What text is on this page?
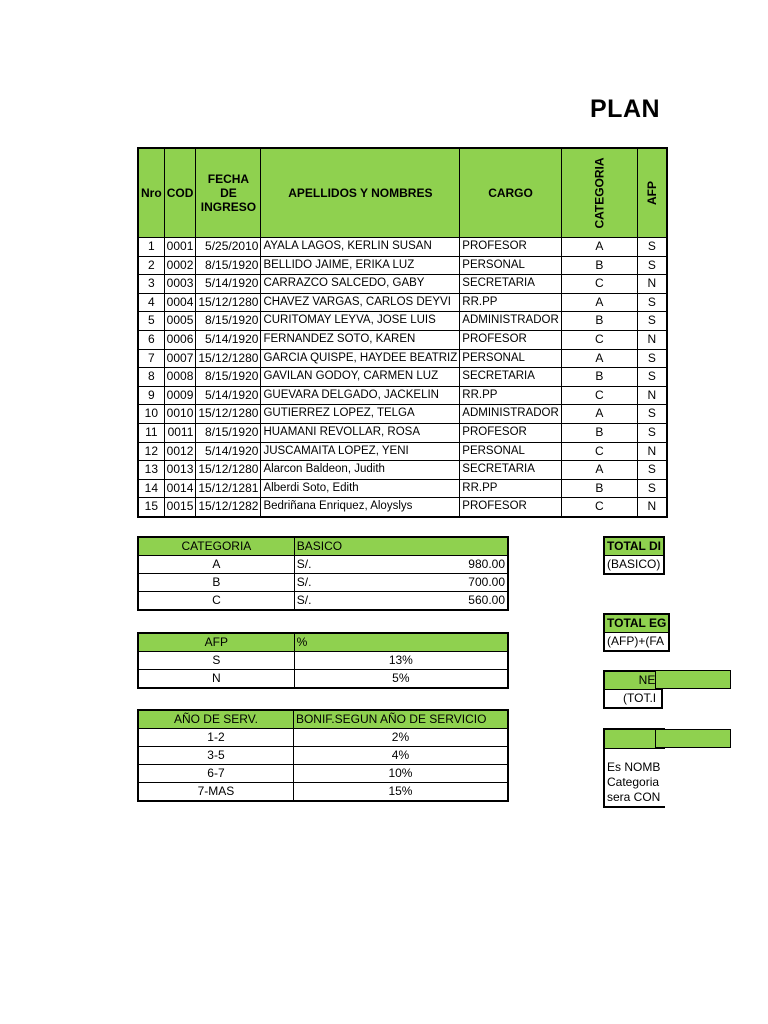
PLAN
Nro	COD	FECHA DE INGRESO	APELLIDOS Y NOMBRES	CARGO	CATEGORIA	AFP
1	0001	5/25/2010	AYALA LAGOS, KERLIN SUSAN	PROFESOR	A	S
2	0002	8/15/1920	BELLIDO JAIME, ERIKA LUZ	PERSONAL	B	S
3	0003	5/14/1920	CARRAZCO SALCEDO, GABY	SECRETARIA	C	N
4	0004	15/12/1280	CHAVEZ VARGAS, CARLOS DEYVI	RR.PP	A	S
5	0005	8/15/1920	CURITOMAY LEYVA, JOSE LUIS	ADMINISTRADOR	B	S
6	0006	5/14/1920	FERNANDEZ SOTO, KAREN	PROFESOR	C	N
7	0007	15/12/1280	GARCIA QUISPE, HAYDEE BEATRIZ	PERSONAL	A	S
8	0008	8/15/1920	GAVILAN GODOY, CARMEN LUZ	SECRETARIA	B	S
9	0009	5/14/1920	GUEVARA DELGADO, JACKELIN	RR.PP	C	N
10	0010	15/12/1280	GUTIERREZ LOPEZ, TELGA	ADMINISTRADOR	A	S
11	0011	8/15/1920	HUAMANI REVOLLAR, ROSA	PROFESOR	B	S
12	0012	5/14/1920	JUSCAMAITA LOPEZ, YENI	PERSONAL	C	N
13	0013	15/12/1280	Alarcon Baldeon, Judith	SECRETARIA	A	S
14	0014	15/12/1281	Alberdi Soto, Edith	RR.PP	B	S
15	0015	15/12/1282	Bedriñana Enriquez, Aloyslys	PROFESOR	C	N
CATEGORIA	BASICO	
A	S/.	980.00
B	S/.	700.00
C	S/.	560.00
AFP	%
S	13%
N	5%
AÑO DE SERV.	BONIF.SEGUN AÑO DE SERVICIO
1-2	2%
3-5	4%
6-7	10%
7-MAS	15%
TOTAL DI
(BASICO)
TOTAL EG
(AFP)+(FA
NE
(TOT.I
Es NOMB
Categoria
sera CON
